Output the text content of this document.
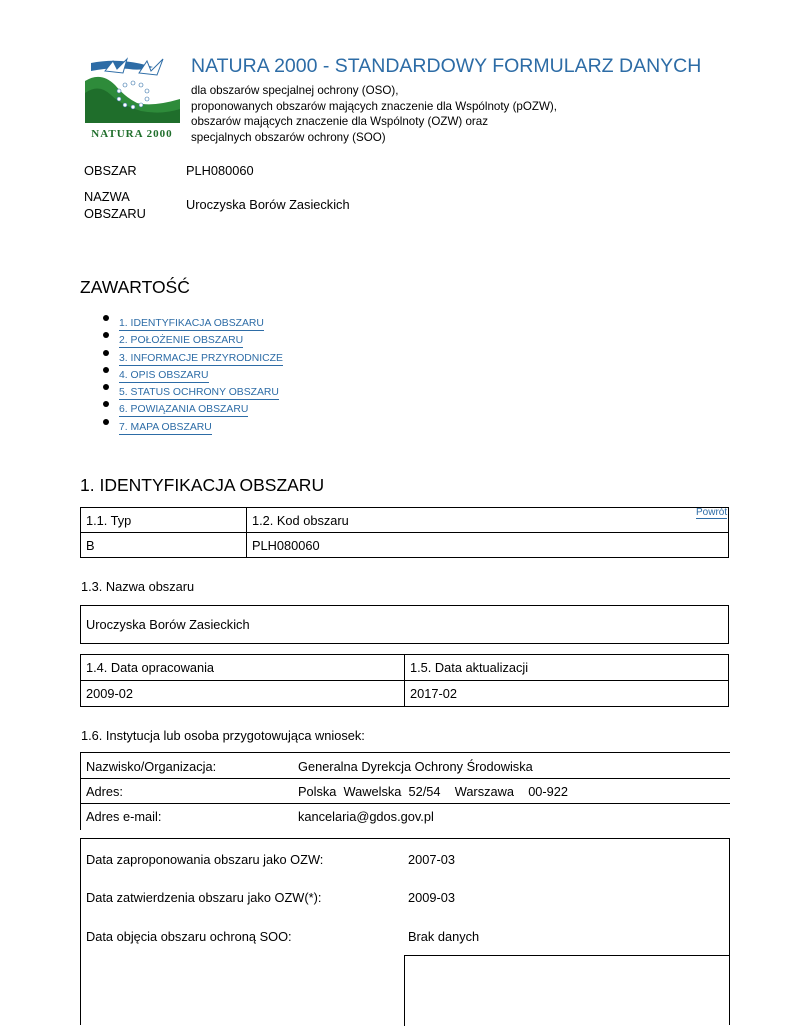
NATURA 2000
NATURA 2000 - STANDARDOWY FORMULARZ DANYCH
dla obszarów specjalnej ochrony (OSO),
proponowanych obszarów mających znaczenie dla Wspólnoty (pOZW),
obszarów mających znaczenie dla Wspólnoty (OZW) oraz
specjalnych obszarów ochrony (SOO)
OBSZAR	PLH080060
NAZWA
OBSZARU
Uroczyska Borów Zasieckich
ZAWARTOŚĆ
1. IDENTYFIKACJA OBSZARU
2. POŁOŻENIE OBSZARU
3. INFORMACJE PRZYRODNICZE
4. OPIS OBSZARU
5. STATUS OCHRONY OBSZARU
6. POWIĄZANIA OBSZARU
7. MAPA OBSZARU
1. IDENTYFIKACJA OBSZARU
Powrót
1.1. Typ	1.2. Kod obszaru
B	PLH080060
1.3. Nazwa obszaru
Uroczyska Borów Zasieckich
1.4. Data opracowania	1.5. Data aktualizacji
2009-02	2017-02
1.6. Instytucja lub osoba przygotowująca wniosek:
Nazwisko/Organizacja:	Generalna Dyrekcja Ochrony Środowiska
Adres:	Polska  Wawelska  52/54    Warszawa    00-922
Adres e-mail:	kancelaria@gdos.gov.pl
Data zaproponowania obszaru jako OZW:	2007-03
Data zatwierdzenia obszaru jako OZW(*):	2009-03
Data objęcia obszaru ochroną SOO:	Brak danych
